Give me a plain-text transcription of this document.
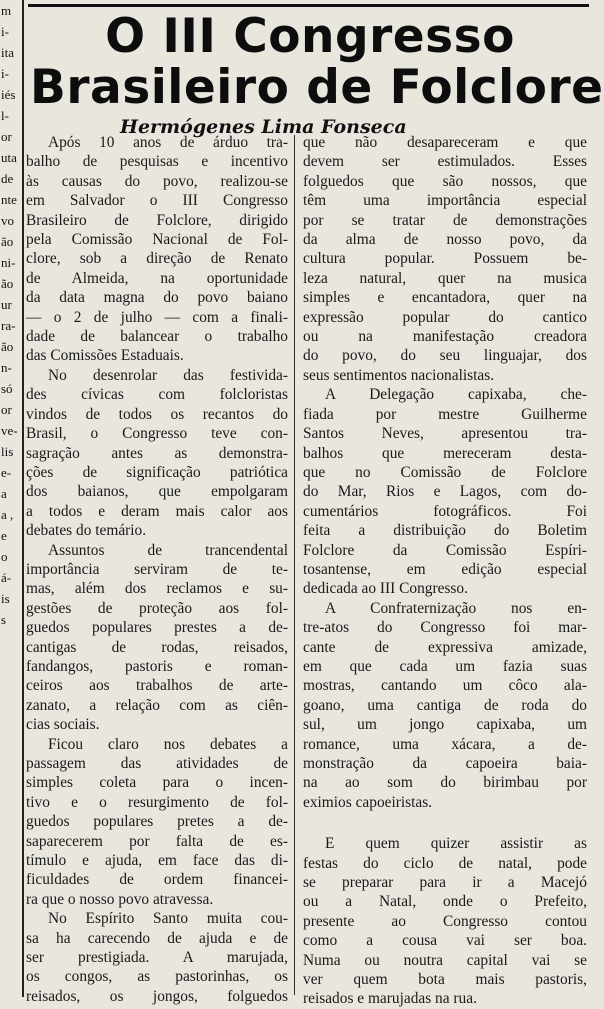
m
i-
ita
i-
iés
l-
or
uta
de
nte
vo
ão
ni-
ão
ur
ra-
ão
n-
só
or
ve-
lis
e-
a
a ,
e
o
á-
is
s
O III Congresso
Brasileiro de Folclore
Hermógenes Lima Fonseca
Após 10 anos de árduo tra-
balho de pesquisas e incentivo
às causas do povo, realizou-se
em Salvador o III Congresso
Brasileiro de Folclore, dirigido
pela Comissão Nacional de Fol-
clore, sob a direção de Renato
de Almeida, na oportunidade
da data magna do povo baiano
— o 2 de julho — com a finali-
dade de balancear o trabalho
das Comissões Estaduais.
No desenrolar das festivida-
des cívicas com folcloristas
vindos de todos os recantos do
Brasil, o Congresso teve con-
sagração antes as demonstra-
ções de significação patriótica
dos baianos, que empolgaram
a todos e deram mais calor aos
debates do temário.
Assuntos de trancendental
importância serviram de te-
mas, além dos reclamos e su-
gestões de proteção aos fol-
guedos populares prestes a de-
cantigas de rodas, reisados,
fandangos, pastoris e roman-
ceiros aos trabalhos de arte-
zanato, a relação com as ciên-
cias sociais.
Ficou claro nos debates a
passagem das atividades de
simples coleta para o incen-
tivo e o resurgimento de fol-
guedos populares pretes a de-
saparecerem por falta de es-
tímulo e ajuda, em face das di-
ficuldades de ordem financei-
ra que o nosso povo atravessa.
No Espírito Santo muita cou-
sa ha carecendo de ajuda e de
ser prestigiada. A marujada,
os congos, as pastorinhas, os
reisados, os jongos, folguedos
que não desapareceram e que
devem ser estimulados. Esses
folguedos que são nossos, que
têm uma importância especial
por se tratar de demonstrações
da alma de nosso povo, da
cultura popular. Possuem be-
leza natural, quer na musica
simples e encantadora, quer na
expressão popular do cantico
ou na manifestação creadora
do povo, do seu linguajar, dos
seus sentimentos nacionalistas.
A Delegação capixaba, che-
fiada por mestre Guilherme
Santos Neves, apresentou tra-
balhos que mereceram desta-
que no Comissão de Folclore
do Mar, Rios e Lagos, com do-
cumentários fotográficos. Foi
feita a distribuição do Boletim
Folclore da Comissão Espíri-
tosantense, em edição especial
dedicada ao III Congresso.
A Confraternização nos en-
tre-atos do Congresso foi mar-
cante de expressiva amizade,
em que cada um fazia suas
mostras, cantando um côco ala-
goano, uma cantiga de roda do
sul, um jongo capixaba, um
romance, uma xácara, a de-
monstração da capoeira baia-
na ao som do birimbau por
eximios capoeiristas.
E quem quizer assistir as
festas do ciclo de natal, pode
se preparar para ir a Macejó
ou a Natal, onde o Prefeito,
presente ao Congresso contou
como a cousa vai ser boa.
Numa ou noutra capital vai se
ver quem bota mais pastoris,
reisados e marujadas na rua.
